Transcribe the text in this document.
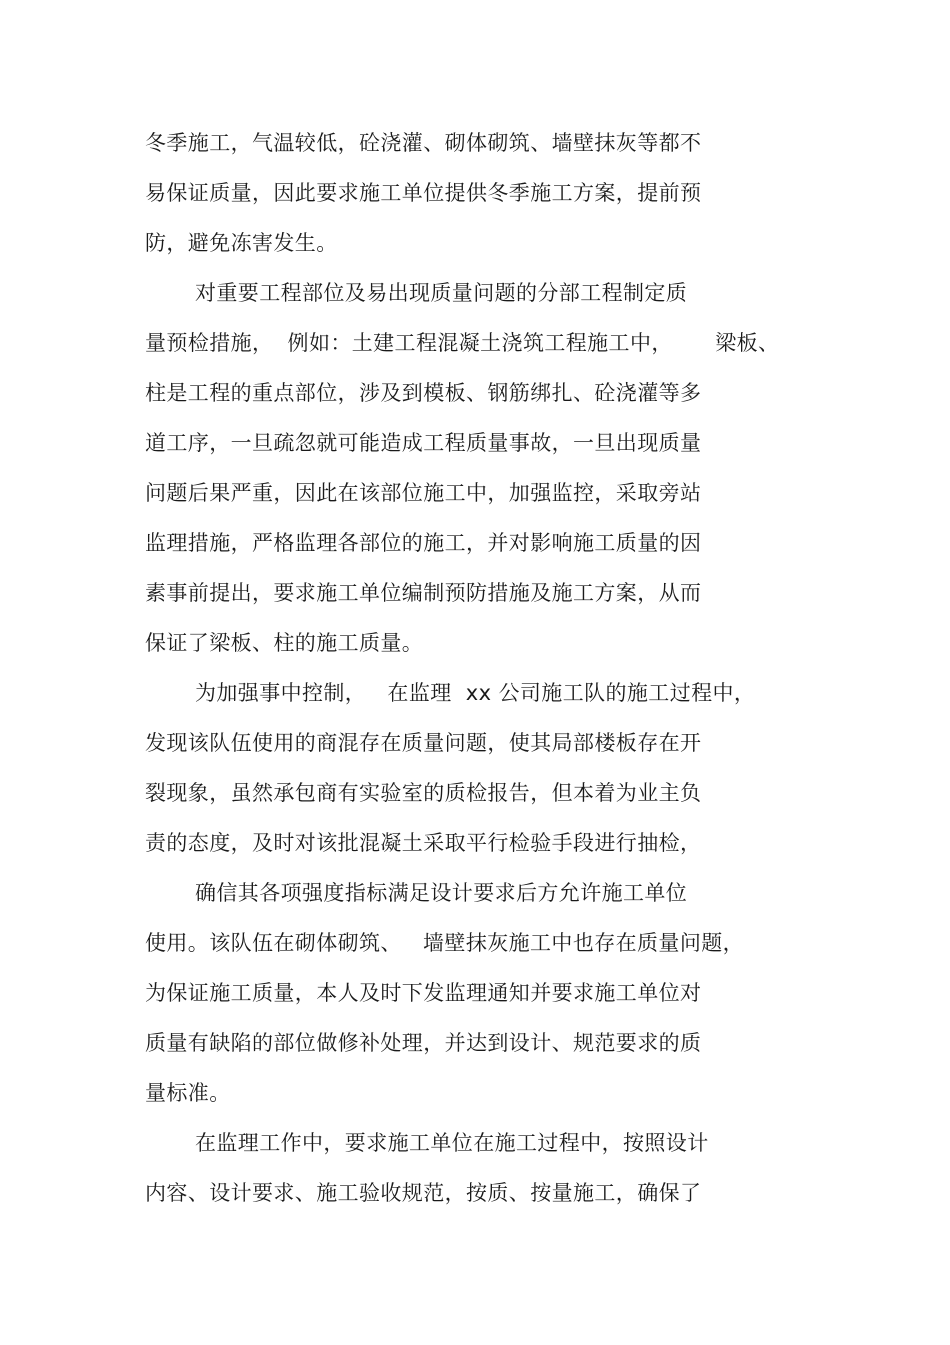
冬季施工，气温较低，砼浇灌、砌体砌筑、墙壁抹灰等都不
易保证质量，因此要求施工单位提供冬季施工方案，提前预
防，避免冻害发生。
对重要工程部位及易出现质量问题的分部工程制定质
量预检措施，  例如：土建工程混凝土浇筑工程施工中，      梁板、
柱是工程的重点部位，涉及到模板、钢筋绑扎、砼浇灌等多
道工序，一旦疏忽就可能造成工程质量事故，一旦出现质量
问题后果严重，因此在该部位施工中，加强监控，采取旁站
监理措施，严格监理各部位的施工，并对影响施工质量的因
素事前提出，要求施工单位编制预防措施及施工方案，从而
保证了梁板、柱的施工质量。
为加强事中控制，   在监理  xx 公司施工队的施工过程中，
发现该队伍使用的商混存在质量问题，使其局部楼板存在开
裂现象，虽然承包商有实验室的质检报告，但本着为业主负
责的态度，及时对该批混凝土采取平行检验手段进行抽检，
确信其各项强度指标满足设计要求后方允许施工单位
使用。该队伍在砌体砌筑、   墙壁抹灰施工中也存在质量问题，
为保证施工质量，本人及时下发监理通知并要求施工单位对
质量有缺陷的部位做修补处理，并达到设计、规范要求的质
量标准。
在监理工作中，要求施工单位在施工过程中，按照设计
内容、设计要求、施工验收规范，按质、按量施工，确保了
